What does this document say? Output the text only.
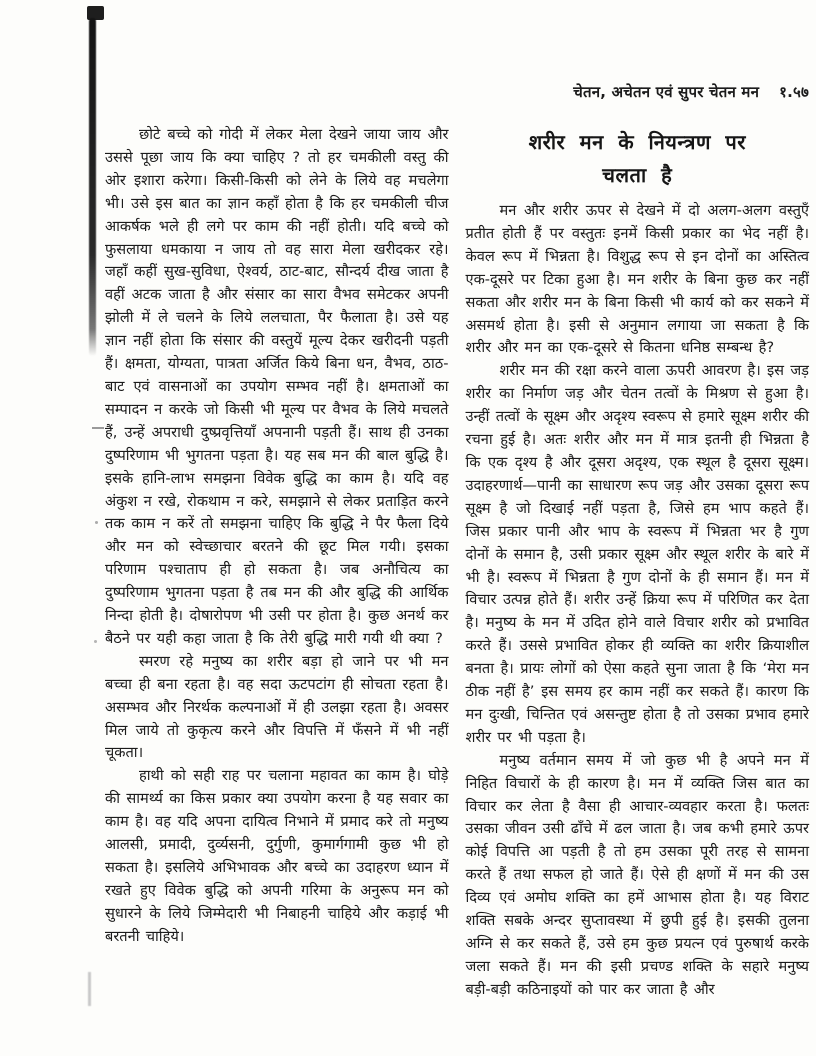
चेतन, अचेतन एवं सुपर चेतन मन १.५७

छोटे बच्चे को गोदी में लेकर मेला देखने जाया जाय और उससे पूछा जाय कि क्या चाहिए ? तो हर चमकीली वस्तु की ओर इशारा करेगा। किसी-किसी को लेने के लिये वह मचलेगा भी। उसे इस बात का ज्ञान कहाँ होता है कि हर चमकीली चीज आकर्षक भले ही लगे पर काम की नहीं होती। यदि बच्चे को फुसलाया धमकाया न जाय तो वह सारा मेला खरीदकर रहे। जहाँ कहीं सुख-सुविधा, ऐश्वर्य, ठाट-बाट, सौन्दर्य दीख जाता है वहीं अटक जाता है और संसार का सारा वैभव समेटकर अपनी झोली में ले चलने के लिये ललचाता, पैर फैलाता है। उसे यह ज्ञान नहीं होता कि संसार की वस्तुयें मूल्य देकर खरीदनी पड़ती हैं। क्षमता, योग्यता, पात्रता अर्जित किये बिना धन, वैभव, ठाठ-बाट एवं वासनाओं का उपयोग सम्भव नहीं है। क्षमताओं का सम्पादन न करके जो किसी भी मूल्य पर वैभव के लिये मचलते हैं, उन्हें अपराधी दुष्प्रवृत्तियाँ अपनानी पड़ती हैं। साथ ही उनका दुष्परिणाम भी भुगतना पड़ता है। यह सब मन की बाल बुद्धि है। इसके हानि-लाभ समझना विवेक बुद्धि का काम है। यदि वह अंकुश न रखे, रोकथाम न करे, समझाने से लेकर प्रताड़ित करने तक काम न करें तो समझना चाहिए कि बुद्धि ने पैर फैला दिये और मन को स्वेच्छाचार बरतने की छूट मिल गयी। इसका परिणाम पश्चाताप ही हो सकता है। जब अनौचित्य का दुष्परिणाम भुगतना पड़ता है तब मन की और बुद्धि की आर्थिक निन्दा होती है। दोषारोपण भी उसी पर होता है। कुछ अनर्थ कर बैठने पर यही कहा जाता है कि तेरी बुद्धि मारी गयी थी क्या ?

स्मरण रहे मनुष्य का शरीर बड़ा हो जाने पर भी मन बच्चा ही बना रहता है। वह सदा ऊटपटांग ही सोचता रहता है। असम्भव और निरर्थक कल्पनाओं में ही उलझा रहता है। अवसर मिल जाये तो कुकृत्य करने और विपत्ति में फँसने में भी नहीं चूकता।

हाथी को सही राह पर चलाना महावत का काम है। घोड़े की सामर्थ्य का किस प्रकार क्या उपयोग करना है यह सवार का काम है। वह यदि अपना दायित्व निभाने में प्रमाद करे तो मनुष्य आलसी, प्रमादी, दुर्व्यसनी, दुर्गुणी, कुमार्गगामी कुछ भी हो सकता है। इसलिये अभिभावक और बच्चे का उदाहरण ध्यान में रखते हुए विवेक बुद्धि को अपनी गरिमा के अनुरूप मन को सुधारने के लिये जिम्मेदारी भी निबाहनी चाहिये और कड़ाई भी बरतनी चाहिये।

शरीर मन के नियन्त्रण पर
चलता है

मन और शरीर ऊपर से देखने में दो अलग-अलग वस्तुएँ प्रतीत होती हैं पर वस्तुतः इनमें किसी प्रकार का भेद नहीं है। केवल रूप में भिन्नता है। विशुद्ध रूप से इन दोनों का अस्तित्व एक-दूसरे पर टिका हुआ है। मन शरीर के बिना कुछ कर नहीं सकता और शरीर मन के बिना किसी भी कार्य को कर सकने में असमर्थ होता है। इसी से अनुमान लगाया जा सकता है कि शरीर और मन का एक-दूसरे से कितना धनिष्ठ सम्बन्ध है?

शरीर मन की रक्षा करने वाला ऊपरी आवरण है। इस जड़ शरीर का निर्माण जड़ और चेतन तत्वों के मिश्रण से हुआ है। उन्हीं तत्वों के सूक्ष्म और अदृश्य स्वरूप से हमारे सूक्ष्म शरीर की रचना हुई है। अतः शरीर और मन में मात्र इतनी ही भिन्नता है कि एक दृश्य है और दूसरा अदृश्य, एक स्थूल है दूसरा सूक्ष्म। उदाहरणार्थ—पानी का साधारण रूप जड़ और उसका दूसरा रूप सूक्ष्म है जो दिखाई नहीं पड़ता है, जिसे हम भाप कहते हैं। जिस प्रकार पानी और भाप के स्वरूप में भिन्नता भर है गुण दोनों के समान है, उसी प्रकार सूक्ष्म और स्थूल शरीर के बारे में भी है। स्वरूप में भिन्नता है गुण दोनों के ही समान हैं। मन में विचार उत्पन्न होते हैं। शरीर उन्हें क्रिया रूप में परिणित कर देता है। मनुष्य के मन में उदित होने वाले विचार शरीर को प्रभावित करते हैं। उससे प्रभावित होकर ही व्यक्ति का शरीर क्रियाशील बनता है। प्रायः लोगों को ऐसा कहते सुना जाता है कि ‘मेरा मन ठीक नहीं है’ इस समय हर काम नहीं कर सकते हैं। कारण कि मन दुःखी, चिन्तित एवं असन्तुष्ट होता है तो उसका प्रभाव हमारे शरीर पर भी पड़ता है।

मनुष्य वर्तमान समय में जो कुछ भी है अपने मन में निहित विचारों के ही कारण है। मन में व्यक्ति जिस बात का विचार कर लेता है वैसा ही आचार-व्यवहार करता है। फलतः उसका जीवन उसी ढाँचे में ढल जाता है। जब कभी हमारे ऊपर कोई विपत्ति आ पड़ती है तो हम उसका पूरी तरह से सामना करते हैं तथा सफल हो जाते हैं। ऐसे ही क्षणों में मन की उस दिव्य एवं अमोघ शक्ति का हमें आभास होता है। यह विराट शक्ति सबके अन्दर सुप्तावस्था में छुपी हुई है। इसकी तुलना अग्नि से कर सकते हैं, उसे हम कुछ प्रयत्न एवं पुरुषार्थ करके जला सकते हैं। मन की इसी प्रचण्ड शक्ति के सहारे मनुष्य बड़ी-बड़ी कठिनाइयों को पार कर जाता है और
